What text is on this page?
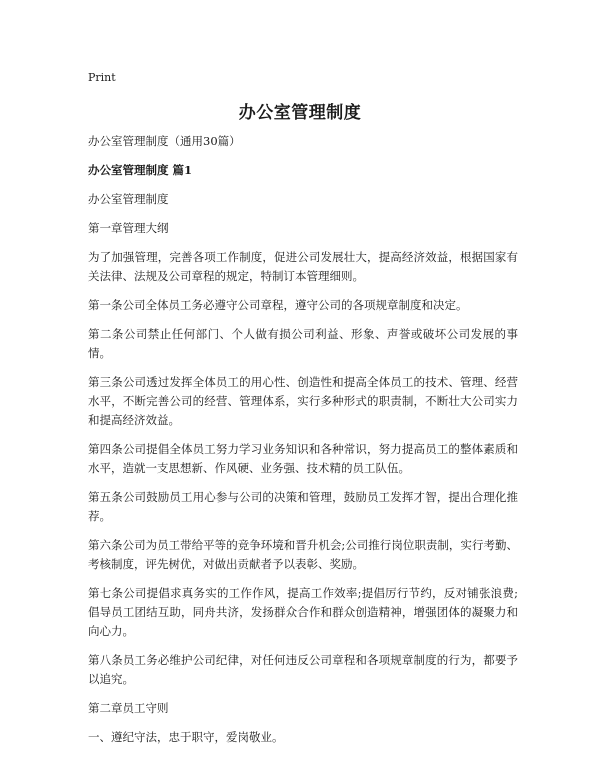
Print
办公室管理制度

办公室管理制度（通用30篇）

办公室管理制度 篇1

办公室管理制度

第一章管理大纲

为了加强管理，完善各项工作制度，促进公司发展壮大，提高经济效益，根据国家有关法律、法规及公司章程的规定，特制订本管理细则。

第一条公司全体员工务必遵守公司章程，遵守公司的各项规章制度和决定。

第二条公司禁止任何部门、个人做有损公司利益、形象、声誉或破坏公司发展的事情。

第三条公司透过发挥全体员工的用心性、创造性和提高全体员工的技术、管理、经营水平，不断完善公司的经营、管理体系，实行多种形式的职责制，不断壮大公司实力和提高经济效益。

第四条公司提倡全体员工努力学习业务知识和各种常识，努力提高员工的整体素质和水平，造就一支思想新、作风硬、业务强、技术精的员工队伍。

第五条公司鼓励员工用心参与公司的决策和管理，鼓励员工发挥才智，提出合理化推荐。

第六条公司为员工带给平等的竞争环境和晋升机会;公司推行岗位职责制，实行考勤、考核制度，评先树优，对做出贡献者予以表彰、奖励。

第七条公司提倡求真务实的工作作风，提高工作效率;提倡厉行节约，反对铺张浪费;倡导员工团结互助，同舟共济，发扬群众合作和群众创造精神，增强团体的凝聚力和向心力。

第八条员工务必维护公司纪律，对任何违反公司章程和各项规章制度的行为，都要予以追究。

第二章员工守则

一、遵纪守法，忠于职守，爱岗敬业。
